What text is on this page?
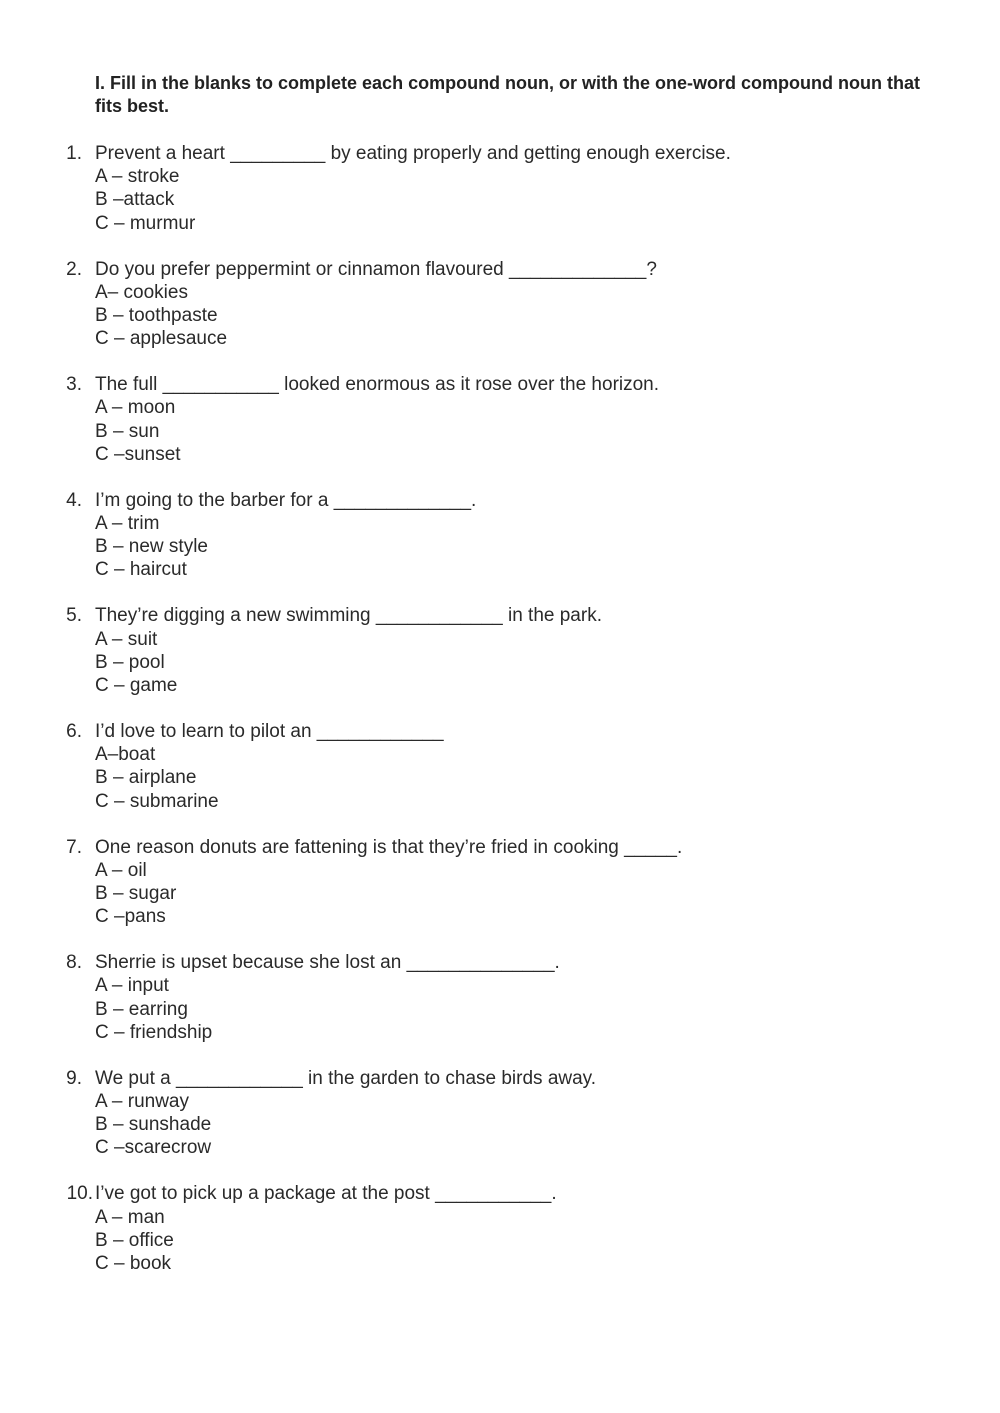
I. Fill in the blanks to complete each compound noun, or with the one-word compound noun that fits best.
1. Prevent a heart _________ by eating properly and getting enough exercise.
A – stroke
B –attack
C – murmur
2. Do you prefer peppermint or cinnamon flavoured _____________?
A– cookies
B – toothpaste
C – applesauce
3. The full ___________ looked enormous as it rose over the horizon.
A – moon
B – sun
C –sunset
4. I’m going to the barber for a _____________.
A – trim
B – new style
C – haircut
5. They’re digging a new swimming ____________ in the park.
A – suit
B – pool
C – game
6. I’d love to learn to pilot an ____________
A–boat
B – airplane
C – submarine
7. One reason donuts are fattening is that they’re fried in cooking _____.
A – oil
B – sugar
C –pans
8. Sherrie is upset because she lost an ______________.
A – input
B – earring
C – friendship
9. We put a ____________ in the garden to chase birds away.
A – runway
B – sunshade
C –scarecrow
10. I’ve got to pick up a package at the post ___________.
A – man
B – office
C – book
